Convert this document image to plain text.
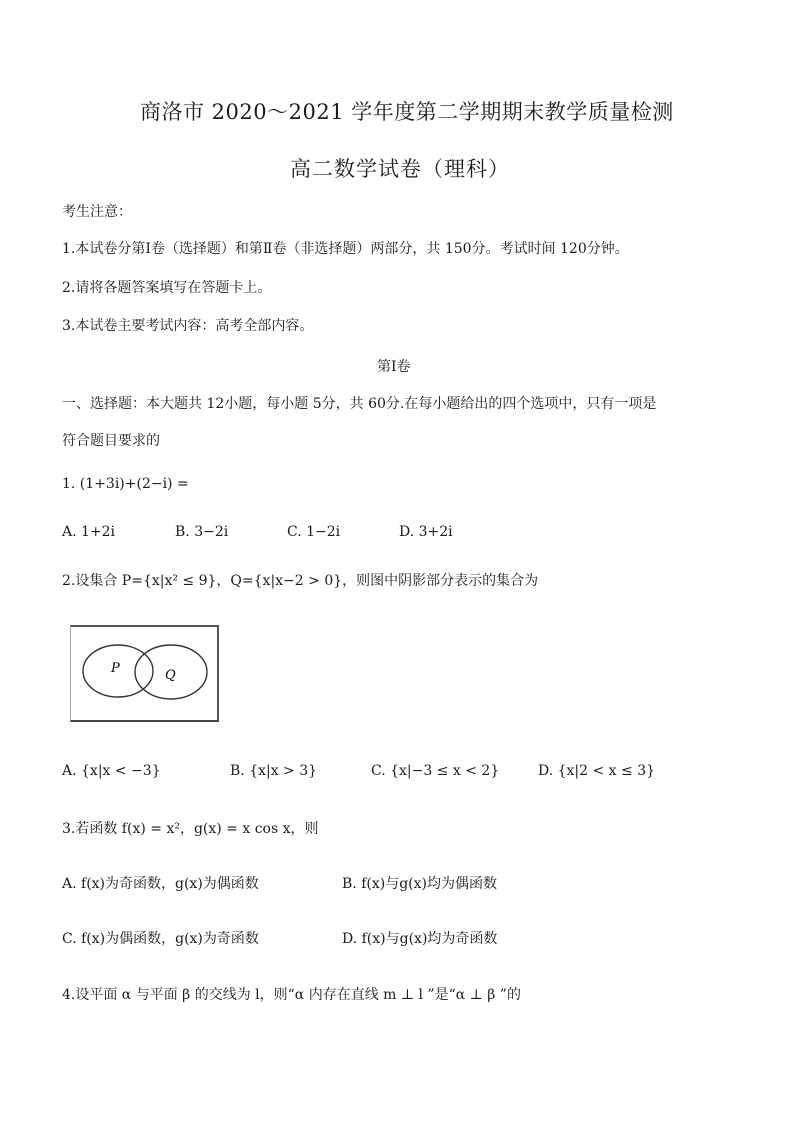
商洛市 2020～2021 学年度第二学期期末教学质量检测
高二数学试卷（理科）
考生注意：
1.本试卷分第Ⅰ卷（选择题）和第Ⅱ卷（非选择题）两部分，共 150分。考试时间 120分钟。
2.请将各题答案填写在答题卡上。
3.本试卷主要考试内容：高考全部内容。
第Ⅰ卷
一、选择题：本大题共 12小题，每小题 5分，共 60分.在每小题给出的四个选项中，只有一项是
符合题目要求的
1. (1+3i)+(2−i) =
A. 1+2i	B. 3−2i	C. 1−2i	D. 3+2i
2.设集合 P={x|x² ≤ 9}，Q={x|x−2 > 0}，则图中阴影部分表示的集合为
P	Q
A. {x|x < −3}	B. {x|x > 3}	C. {x|−3 ≤ x < 2}	D. {x|2 < x ≤ 3}
3.若函数 f(x) = x²，g(x) = x cos x，则
A. f(x)为奇函数，g(x)为偶函数	B. f(x)与g(x)均为偶函数
C. f(x)为偶函数，g(x)为奇函数	D. f(x)与g(x)均为奇函数
4.设平面 α 与平面 β 的交线为 l，则“α 内存在直线 m ⊥ l ”是“α ⊥ β ”的
